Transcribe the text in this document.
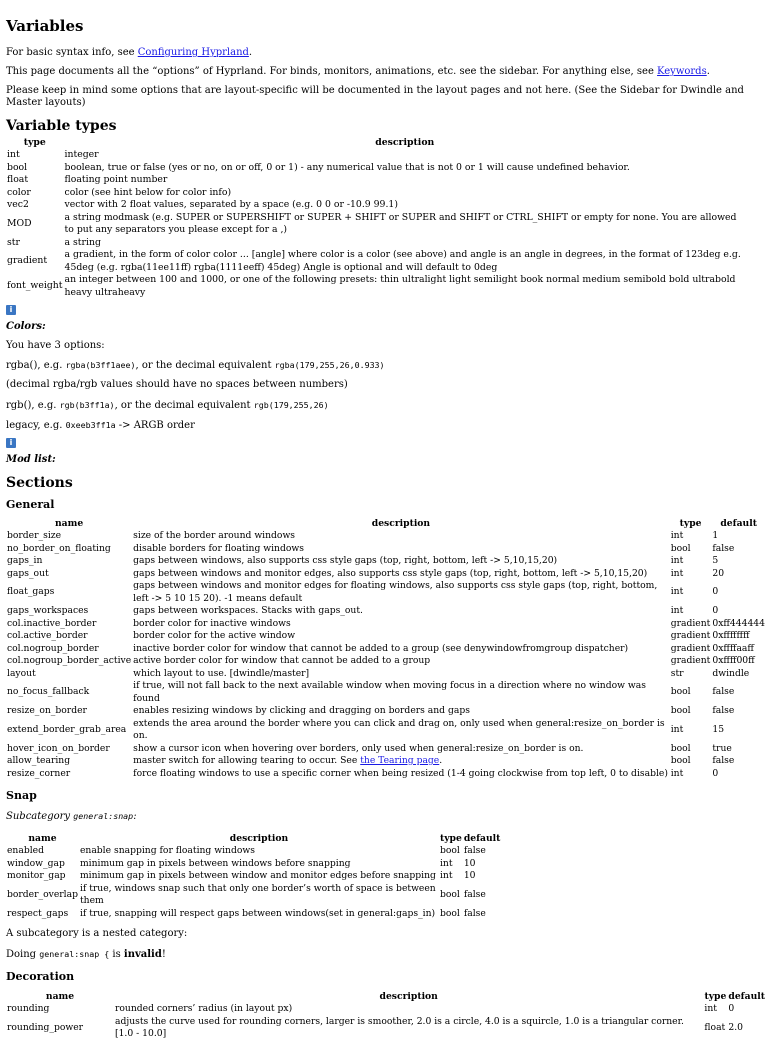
Variables

For basic syntax info, see Configuring Hyprland.

This page documents all the “options” of Hyprland. For binds, monitors, animations, etc. see the sidebar. For anything else, see Keywords.

Please keep in mind some options that are layout-specific will be documented in the layout pages and not here. (See the Sidebar for Dwindle and Master layouts)

Variable types
type	description
int	integer
bool	boolean, true or false (yes or no, on or off, 0 or 1) - any numerical value that is not 0 or 1 will cause undefined behavior.
float	floating point number
color	color (see hint below for color info)
vec2	vector with 2 float values, separated by a space (e.g. 0 0 or -10.9 99.1)
MOD	a string modmask (e.g. SUPER or SUPERSHIFT or SUPER + SHIFT or SUPER and SHIFT or CTRL_SHIFT or empty for none. You are allowed to put any separators you please except for a ,)
str	a string
gradient	a gradient, in the form of color color ... [angle] where color is a color (see above) and angle is an angle in degrees, in the format of 123deg e.g. 45deg (e.g. rgba(11ee11ff) rgba(1111eeff) 45deg) Angle is optional and will default to 0deg
font_weight	an integer between 100 and 1000, or one of the following presets: thin ultralight light semilight book normal medium semibold bold ultrabold heavy ultraheavy
i

Colors:

You have 3 options:

rgba(), e.g. rgba(b3ff1aee), or the decimal equivalent rgba(179,255,26,0.933)

(decimal rgba/rgb values should have no spaces between numbers)

rgb(), e.g. rgb(b3ff1a), or the decimal equivalent rgb(179,255,26)

legacy, e.g. 0xeeb3ff1a -> ARGB order

i

Mod list:

Sections
General
name	description	type	default
border_size	size of the border around windows	int	1
no_border_on_floating	disable borders for floating windows	bool	false
gaps_in	gaps between windows, also supports css style gaps (top, right, bottom, left -> 5,10,15,20)	int	5
gaps_out	gaps between windows and monitor edges, also supports css style gaps (top, right, bottom, left -> 5,10,15,20)	int	20
float_gaps	gaps between windows and monitor edges for floating windows, also supports css style gaps (top, right, bottom, left -> 5 10 15 20). -1 means default	int	0
gaps_workspaces	gaps between workspaces. Stacks with gaps_out.	int	0
col.inactive_border	border color for inactive windows	gradient	0xff444444
col.active_border	border color for the active window	gradient	0xffffffff
col.nogroup_border	inactive border color for window that cannot be added to a group (see denywindowfromgroup dispatcher)	gradient	0xffffaaff
col.nogroup_border_active	active border color for window that cannot be added to a group	gradient	0xffff00ff
layout	which layout to use. [dwindle/master]	str	dwindle
no_focus_fallback	if true, will not fall back to the next available window when moving focus in a direction where no window was found	bool	false
resize_on_border	enables resizing windows by clicking and dragging on borders and gaps	bool	false
extend_border_grab_area	extends the area around the border where you can click and drag on, only used when general:resize_on_border is on.	int	15
hover_icon_on_border	show a cursor icon when hovering over borders, only used when general:resize_on_border is on.	bool	true
allow_tearing	master switch for allowing tearing to occur. See the Tearing page.	bool	false
resize_corner	force floating windows to use a specific corner when being resized (1-4 going clockwise from top left, 0 to disable)	int	0
Snap

Subcategory general:snap:

name	description	type	default
enabled	enable snapping for floating windows	bool	false
window_gap	minimum gap in pixels between windows before snapping	int	10
monitor_gap	minimum gap in pixels between window and monitor edges before snapping	int	10
border_overlap	if true, windows snap such that only one border’s worth of space is between them	bool	false
respect_gaps	if true, snapping will respect gaps between windows(set in general:gaps_in)	bool	false

A subcategory is a nested category:

Doing general:snap { is invalid!

Decoration
name	description	type	default
rounding	rounded corners’ radius (in layout px)	int	0
rounding_power	adjusts the curve used for rounding corners, larger is smoother, 2.0 is a circle, 4.0 is a squircle, 1.0 is a triangular corner. [1.0 - 10.0]	float	2.0
